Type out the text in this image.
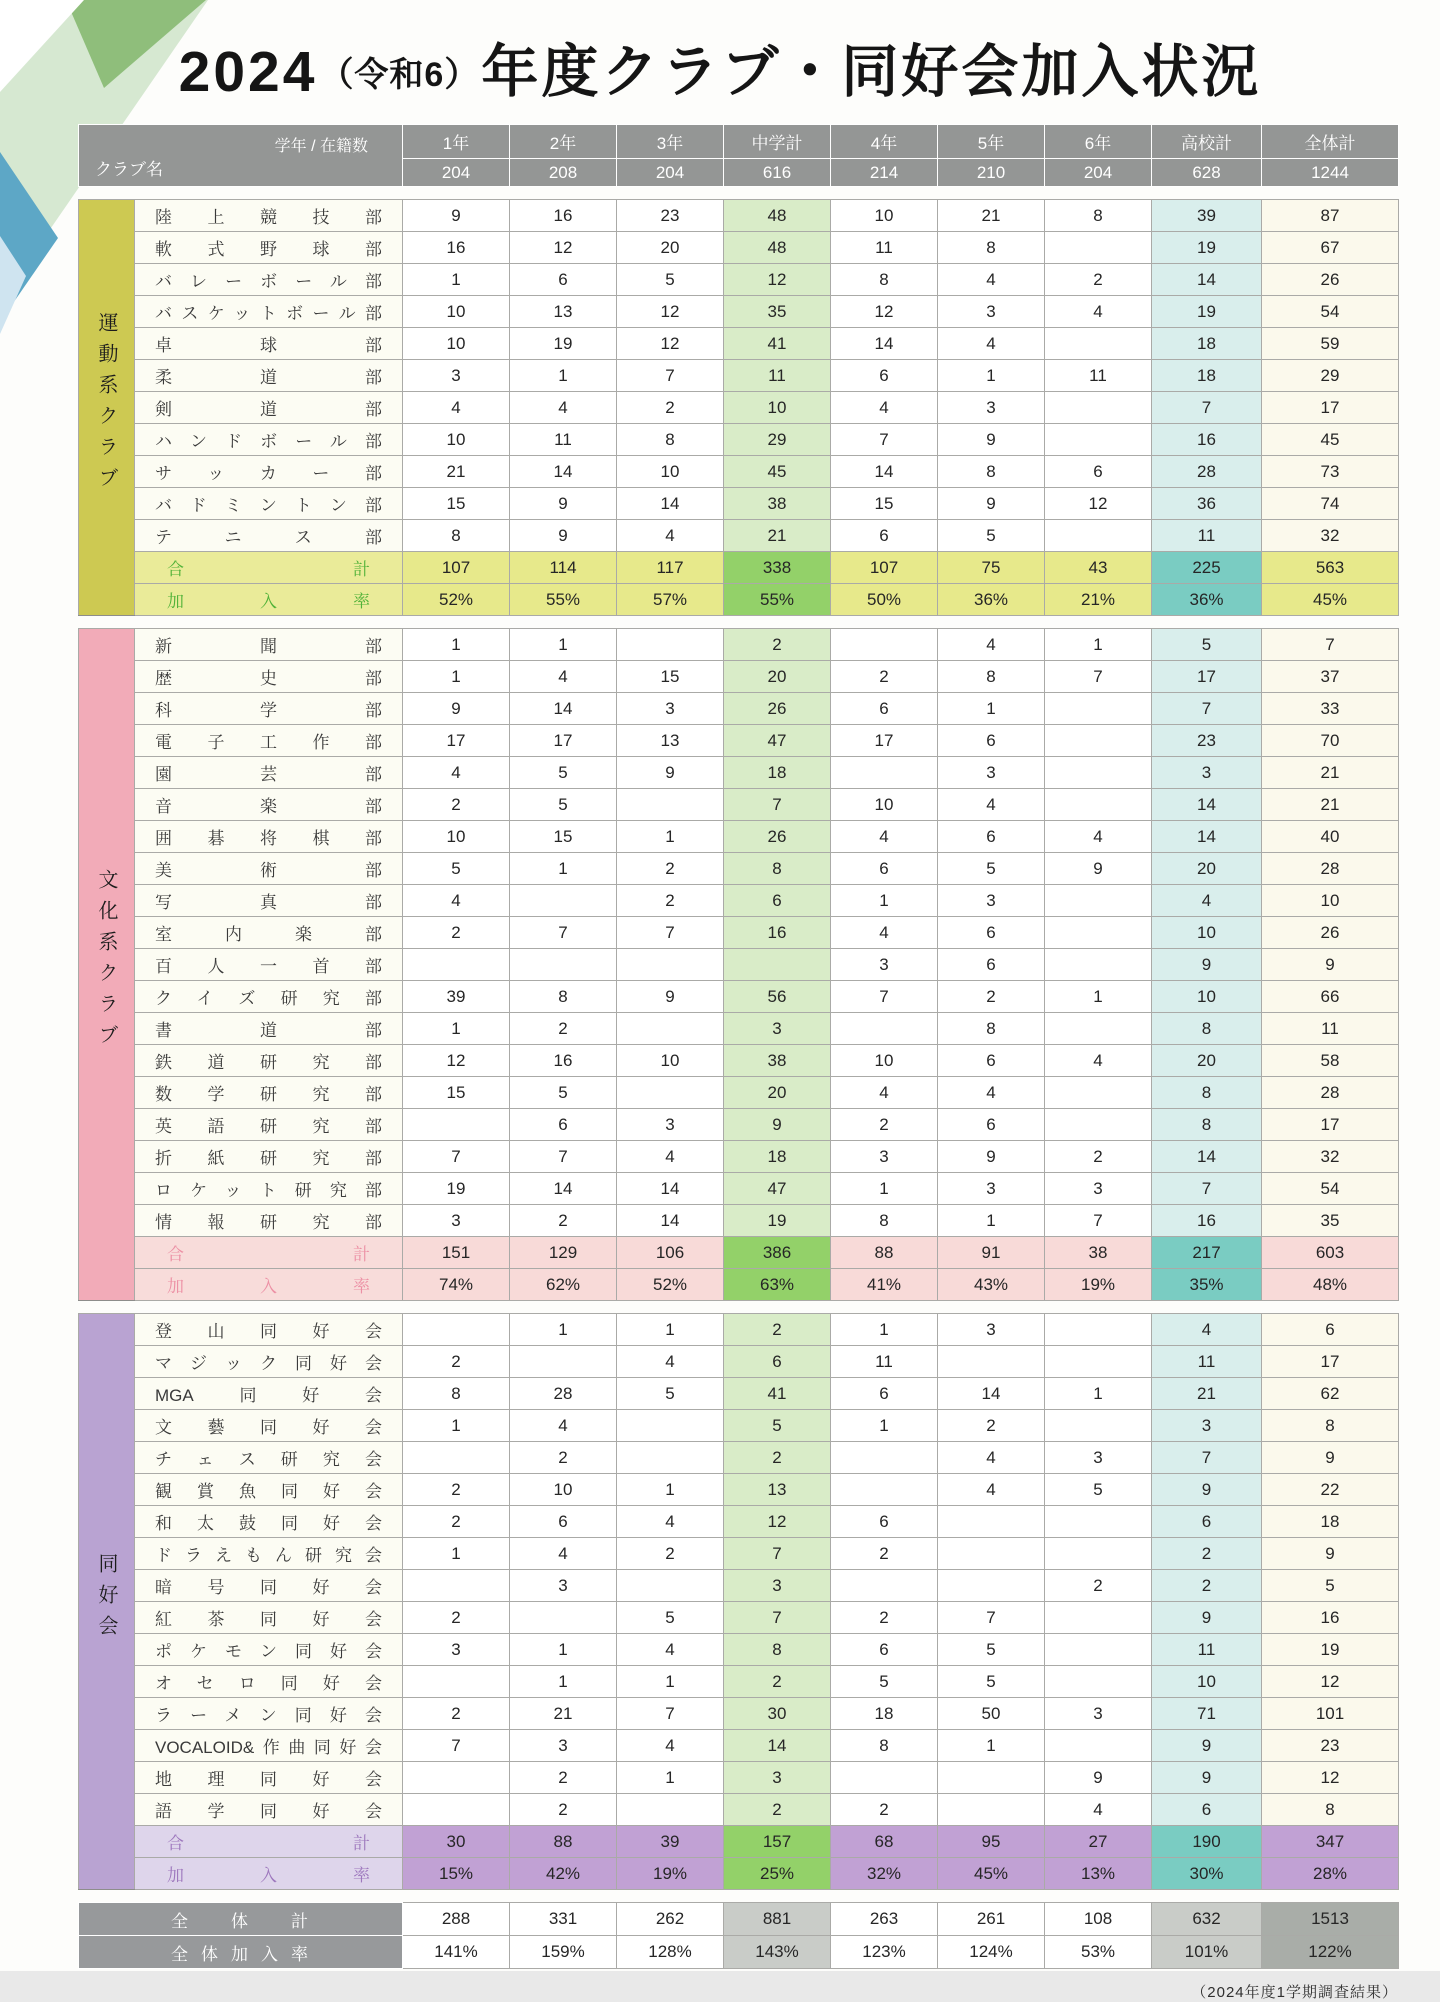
2024（令和6）年度クラブ・同好会加入状況
学年 / 在籍数
クラブ名	1年	2年	3年	中学計	4年	5年	6年	高校計	全体計
	204	208	204	616	214	210	204	628	1244
運動系クラブ	陸上競技部	9	16	23	48	10	21	8	39	87
	軟式野球部	16	12	20	48	11	8		19	67
	バレーボール部	1	6	5	12	8	4	2	14	26
	バスケットボール部	10	13	12	35	12	3	4	19	54
	卓球部	10	19	12	41	14	4		18	59
	柔道部	3	1	7	11	6	1	11	18	29
	剣道部	4	4	2	10	4	3		7	17
	ハンドボール部	10	11	8	29	7	9		16	45
	サッカー部	21	14	10	45	14	8	6	28	73
	バドミントン部	15	9	14	38	15	9	12	36	74
	テニス部	8	9	4	21	6	5		11	32
	合計	107	114	117	338	107	75	43	225	563
	加入率	52%	55%	57%	55%	50%	36%	21%	36%	45%
文化系クラブ	新聞部	1	1		2		4	1	5	7
	歴史部	1	4	15	20	2	8	7	17	37
	科学部	9	14	3	26	6	1		7	33
	電子工作部	17	17	13	47	17	6		23	70
	園芸部	4	5	9	18		3		3	21
	音楽部	2	5		7	10	4		14	21
	囲碁将棋部	10	15	1	26	4	6	4	14	40
	美術部	5	1	2	8	6	5	9	20	28
	写真部	4		2	6	1	3		4	10
	室内楽部	2	7	7	16	4	6		10	26
	百人一首部					3	6		9	9
	クイズ研究部	39	8	9	56	7	2	1	10	66
	書道部	1	2		3		8		8	11
	鉄道研究部	12	16	10	38	10	6	4	20	58
	数学研究部	15	5		20	4	4		8	28
	英語研究部		6	3	9	2	6		8	17
	折紙研究部	7	7	4	18	3	9	2	14	32
	ロケット研究部	19	14	14	47	1	3	3	7	54
	情報研究部	3	2	14	19	8	1	7	16	35
	合計	151	129	106	386	88	91	38	217	603
	加入率	74%	62%	52%	63%	41%	43%	19%	35%	48%
同好会	登山同好会		1	1	2	1	3		4	6
	マジック同好会	2		4	6	11			11	17
	MGA同好会	8	28	5	41	6	14	1	21	62
	文藝同好会	1	4		5	1	2		3	8
	チェス研究会		2		2		4	3	7	9
	観賞魚同好会	2	10	1	13		4	5	9	22
	和太鼓同好会	2	6	4	12	6			6	18
	ドラえもん研究会	1	4	2	7	2			2	9
	暗号同好会		3		3			2	2	5
	紅茶同好会	2		5	7	2	7		9	16
	ポケモン同好会	3	1	4	8	6	5		11	19
	オセロ同好会		1	1	2	5	5		10	12
	ラーメン同好会	2	21	7	30	18	50	3	71	101
	VOCALOID&作曲同好会	7	3	4	14	8	1		9	23
	地理同好会		2	1	3			9	9	12
	語学同好会		2		2	2		4	6	8
	合計	30	88	39	157	68	95	27	190	347
	加入率	15%	42%	19%	25%	32%	45%	13%	30%	28%
全体計	288	331	262	881	263	261	108	632	1513
全体加入率	141%	159%	128%	143%	123%	124%	53%	101%	122%
（2024年度1学期調査結果）
